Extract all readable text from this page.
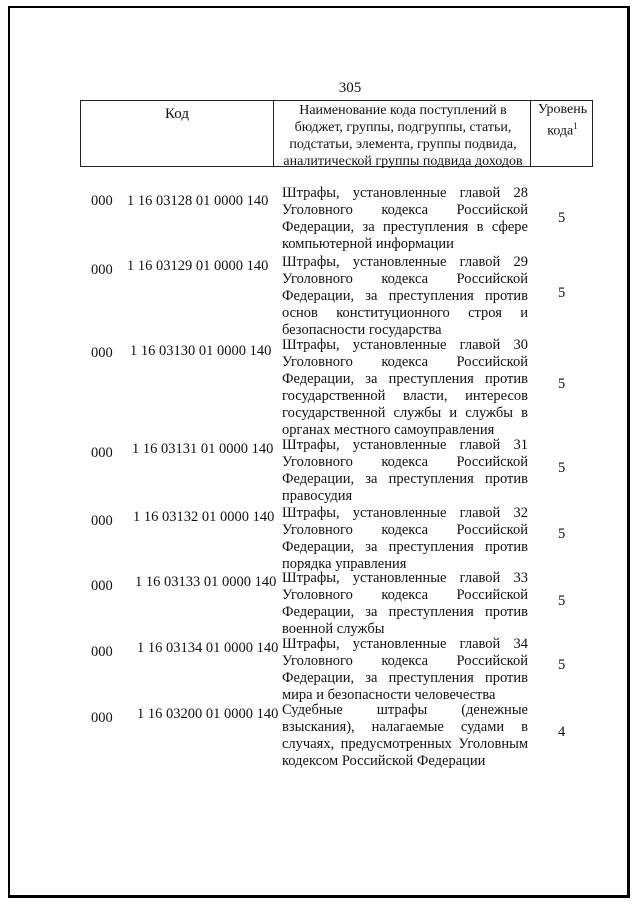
305
Код	Наименование кода поступлений в бюджет, группы, подгруппы, статьи, подстатьи, элемента, группы подвида, аналитической группы подвида доходов
Уровень кода$^1$
000 1 16 03128 01 0000 140 Штрафы, установленные главой 28 Уголовного кодекса Российской Федерации, за преступления в сфере компьютерной информации
5
000 1 16 03129 01 0000 140 Штрафы, установленные главой 29 Уголовного кодекса Российской Федерации, за преступления против основ конституционного строя и безопасности государства
5
000 1 16 03130 01 0000 140 Штрафы, установленные главой 30 Уголовного кодекса Российской Федерации, за преступления против государственной власти, интересов государственной службы и службы в органах местного самоуправления
5
000 1 16 03131 01 0000 140 Штрафы, установленные главой 31 Уголовного кодекса Российской Федерации, за преступления против правосудия
5
000 1 16 03132 01 0000 140 Штрафы, установленные главой 32 Уголовного кодекса Российской Федерации, за преступления против порядка управления
5
000 1 16 03133 01 0000 140 Штрафы, установленные главой 33 Уголовного кодекса Российской Федерации, за преступления против военной службы
5
000 1 16 03134 01 0000 140 Штрафы, установленные главой 34 Уголовного кодекса Российской Федерации, за преступления против мира и безопасности человечества
5
000 1 16 03200 01 0000 140 Судебные штрафы (денежные взыскания), налагаемые судами в случаях, предусмотренных Уголовным кодексом Российской Федерации
4
